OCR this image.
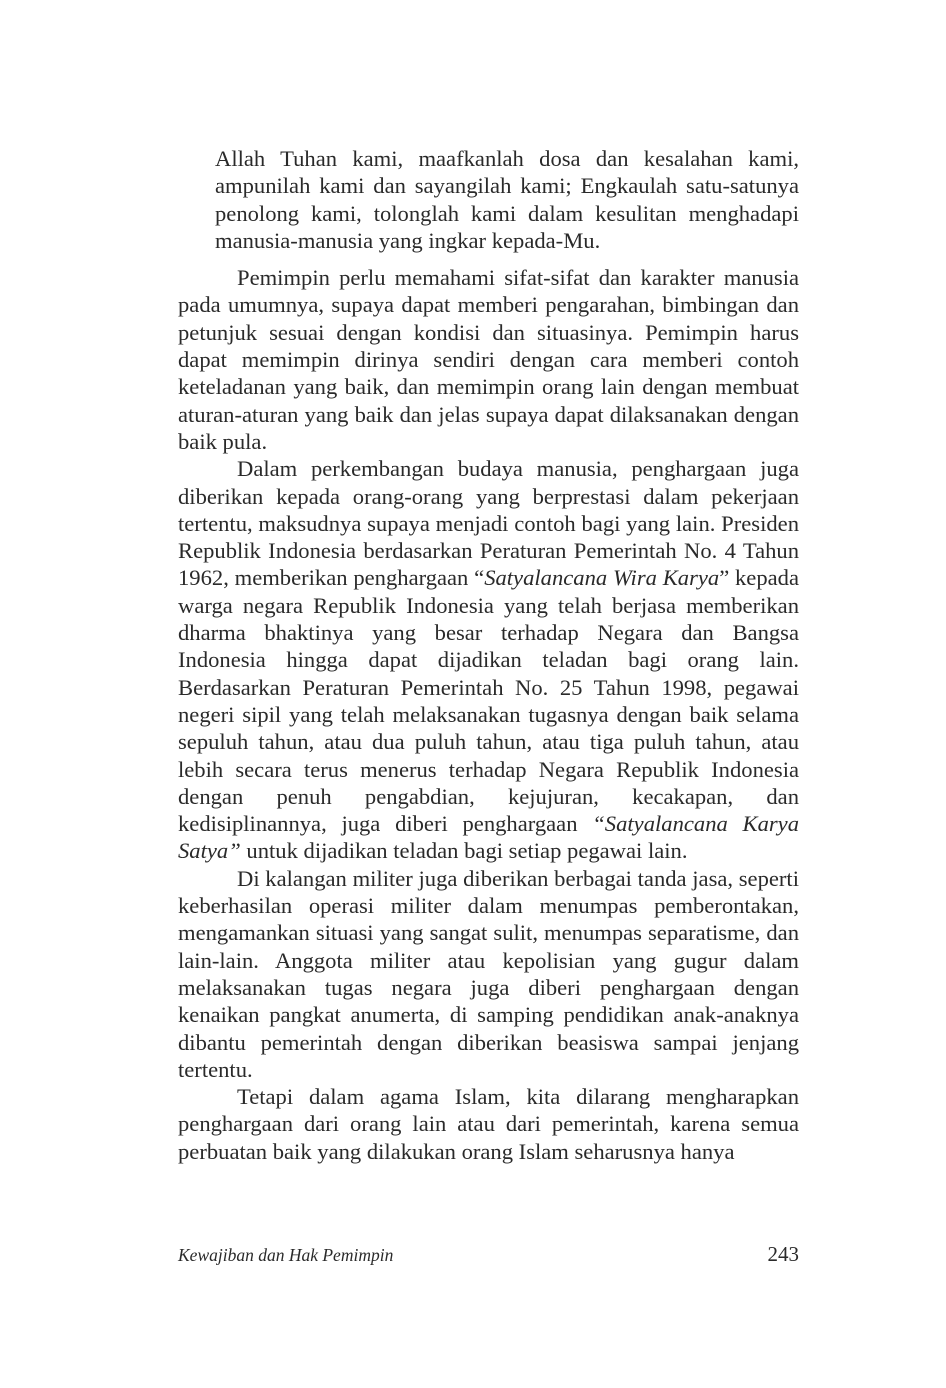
Allah Tuhan kami, maafkanlah dosa dan kesalahan kami, ampunilah kami dan sayangilah kami; Engkaulah satu-satunya penolong kami, tolonglah kami dalam kesulitan menghadapi manusia-manusia yang ingkar kepada-Mu.

Pemimpin perlu memahami sifat-sifat dan karakter manusia pada umumnya, supaya dapat memberi pengarahan, bimbingan dan petunjuk sesuai dengan kondisi dan situasinya. Pemimpin harus dapat memimpin dirinya sendiri dengan cara memberi contoh keteladanan yang baik, dan memimpin orang lain dengan membuat aturan-aturan yang baik dan jelas supaya dapat dilaksanakan dengan baik pula.

Dalam perkembangan budaya manusia, penghargaan juga diberikan kepada orang-orang yang berprestasi dalam pekerjaan tertentu, maksudnya supaya menjadi contoh bagi yang lain. Presiden Republik Indonesia berdasarkan Peraturan Pemerintah No. 4 Tahun 1962, memberikan penghargaan “Satyalancana Wira Karya” kepada warga negara Republik Indonesia yang telah berjasa memberikan dharma bhaktinya yang besar terhadap Negara dan Bangsa Indonesia hingga dapat dijadikan teladan bagi orang lain. Berdasarkan Peraturan Pemerintah No. 25 Tahun 1998, pegawai negeri sipil yang telah melaksanakan tugasnya dengan baik selama sepuluh tahun, atau dua puluh tahun, atau tiga puluh tahun, atau lebih secara terus menerus terhadap Negara Republik Indonesia dengan penuh pengabdian, kejujuran, kecakapan, dan kedisiplinannya, juga diberi penghargaan “Satyalancana Karya Satya” untuk dijadikan teladan bagi setiap pegawai lain.

Di kalangan militer juga diberikan berbagai tanda jasa, seperti keberhasilan operasi militer dalam menumpas pemberontakan, mengamankan situasi yang sangat sulit, menumpas separatisme, dan lain-lain. Anggota militer atau kepolisian yang gugur dalam melaksanakan tugas negara juga diberi penghargaan dengan kenaikan pangkat anumerta, di samping pendidikan anak-anaknya dibantu pemerintah dengan diberikan beasiswa sampai jenjang tertentu.

Tetapi dalam agama Islam, kita dilarang mengharapkan penghargaan dari orang lain atau dari pemerintah, karena semua perbuatan baik yang dilakukan orang Islam seharusnya hanya

Kewajiban dan Hak Pemimpin	243
